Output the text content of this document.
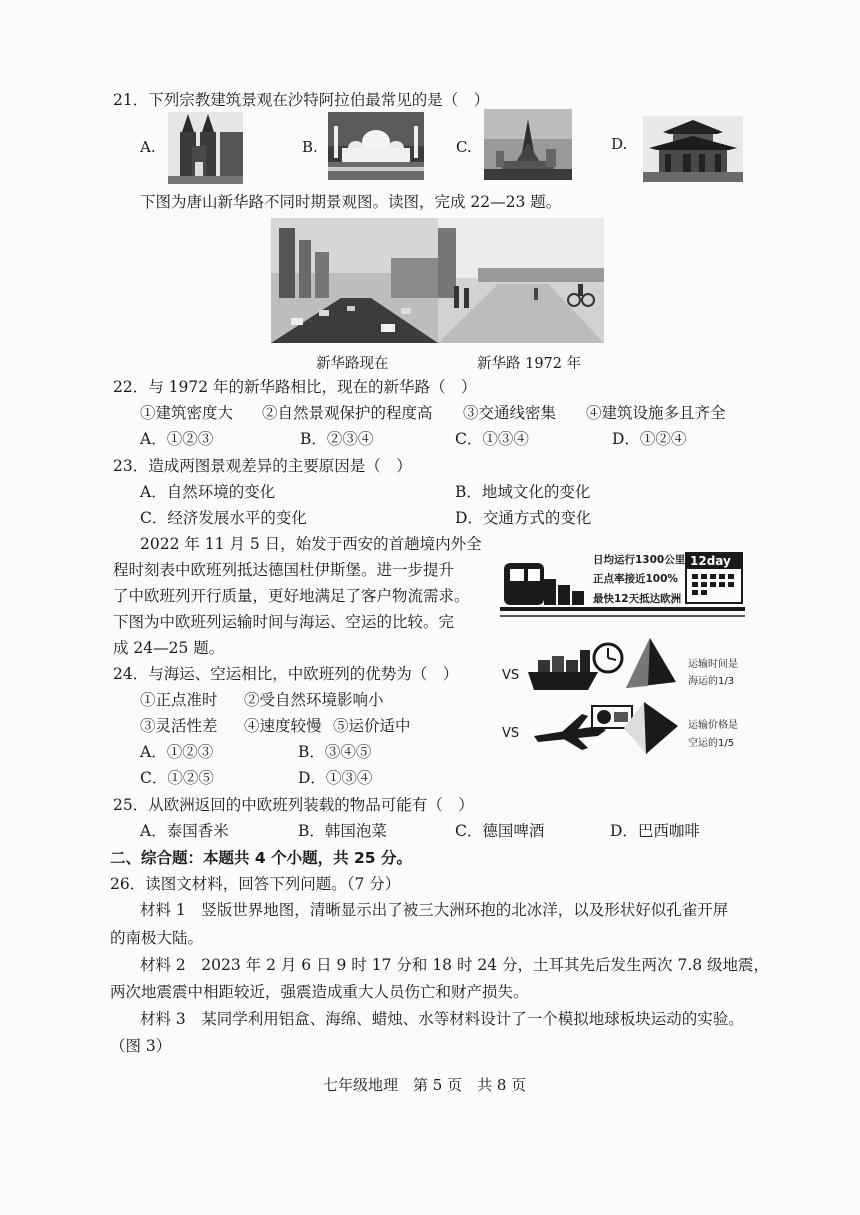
21．下列宗教建筑景观在沙特阿拉伯最常见的是（　）
A.	B.	C.	D.
下图为唐山新华路不同时期景观图。读图，完成 22—23 题。
新华路现在	新华路 1972 年
22．与 1972 年的新华路相比，现在的新华路（　）
①建筑密度大 ②自然景观保护的程度高 ③交通线密集 ④建筑设施多且齐全
A．①②③	B．②③④	C．①③④	D．①②④
23．造成两图景观差异的主要原因是（　）
A．自然环境的变化	B．地域文化的变化
C．经济发展水平的变化	D．交通方式的变化
2022 年 11 月 5 日，始发于西安的首趟境内外全
程时刻表中欧班列抵达德国杜伊斯堡。进一步提升
了中欧班列开行质量，更好地满足了客户物流需求。
下图为中欧班列运输时间与海运、空运的比较。完
成 24—25 题。
日均运行1300公里
正点率接近100%
最快12天抵达欧洲
12day
VS
运输时间是
海运的1/3
VS
运输价格是
空运的1/5
24．与海运、空运相比，中欧班列的优势为（　）
①正点准时 ②受自然环境影响小
③灵活性差 ④速度较慢 ⑤运价适中
A．①②③	B．③④⑤
C．①②⑤	D．①③④
25．从欧洲返回的中欧班列装载的物品可能有（　）
A．泰国香米	B．韩国泡菜	C．德国啤酒	D．巴西咖啡
二、综合题：本题共 4 个小题，共 25 分。
26．读图文材料，回答下列问题。（7 分）
材料 1　竖版世界地图，清晰显示出了被三大洲环抱的北冰洋，以及形状好似孔雀开屏
的南极大陆。
材料 2　2023 年 2 月 6 日 9 时 17 分和 18 时 24 分，土耳其先后发生两次 7.8 级地震，
两次地震震中相距较近，强震造成重大人员伤亡和财产损失。
材料 3　某同学利用铝盒、海绵、蜡烛、水等材料设计了一个模拟地球板块运动的实验。
（图 3）
七年级地理　第 5 页　共 8 页
